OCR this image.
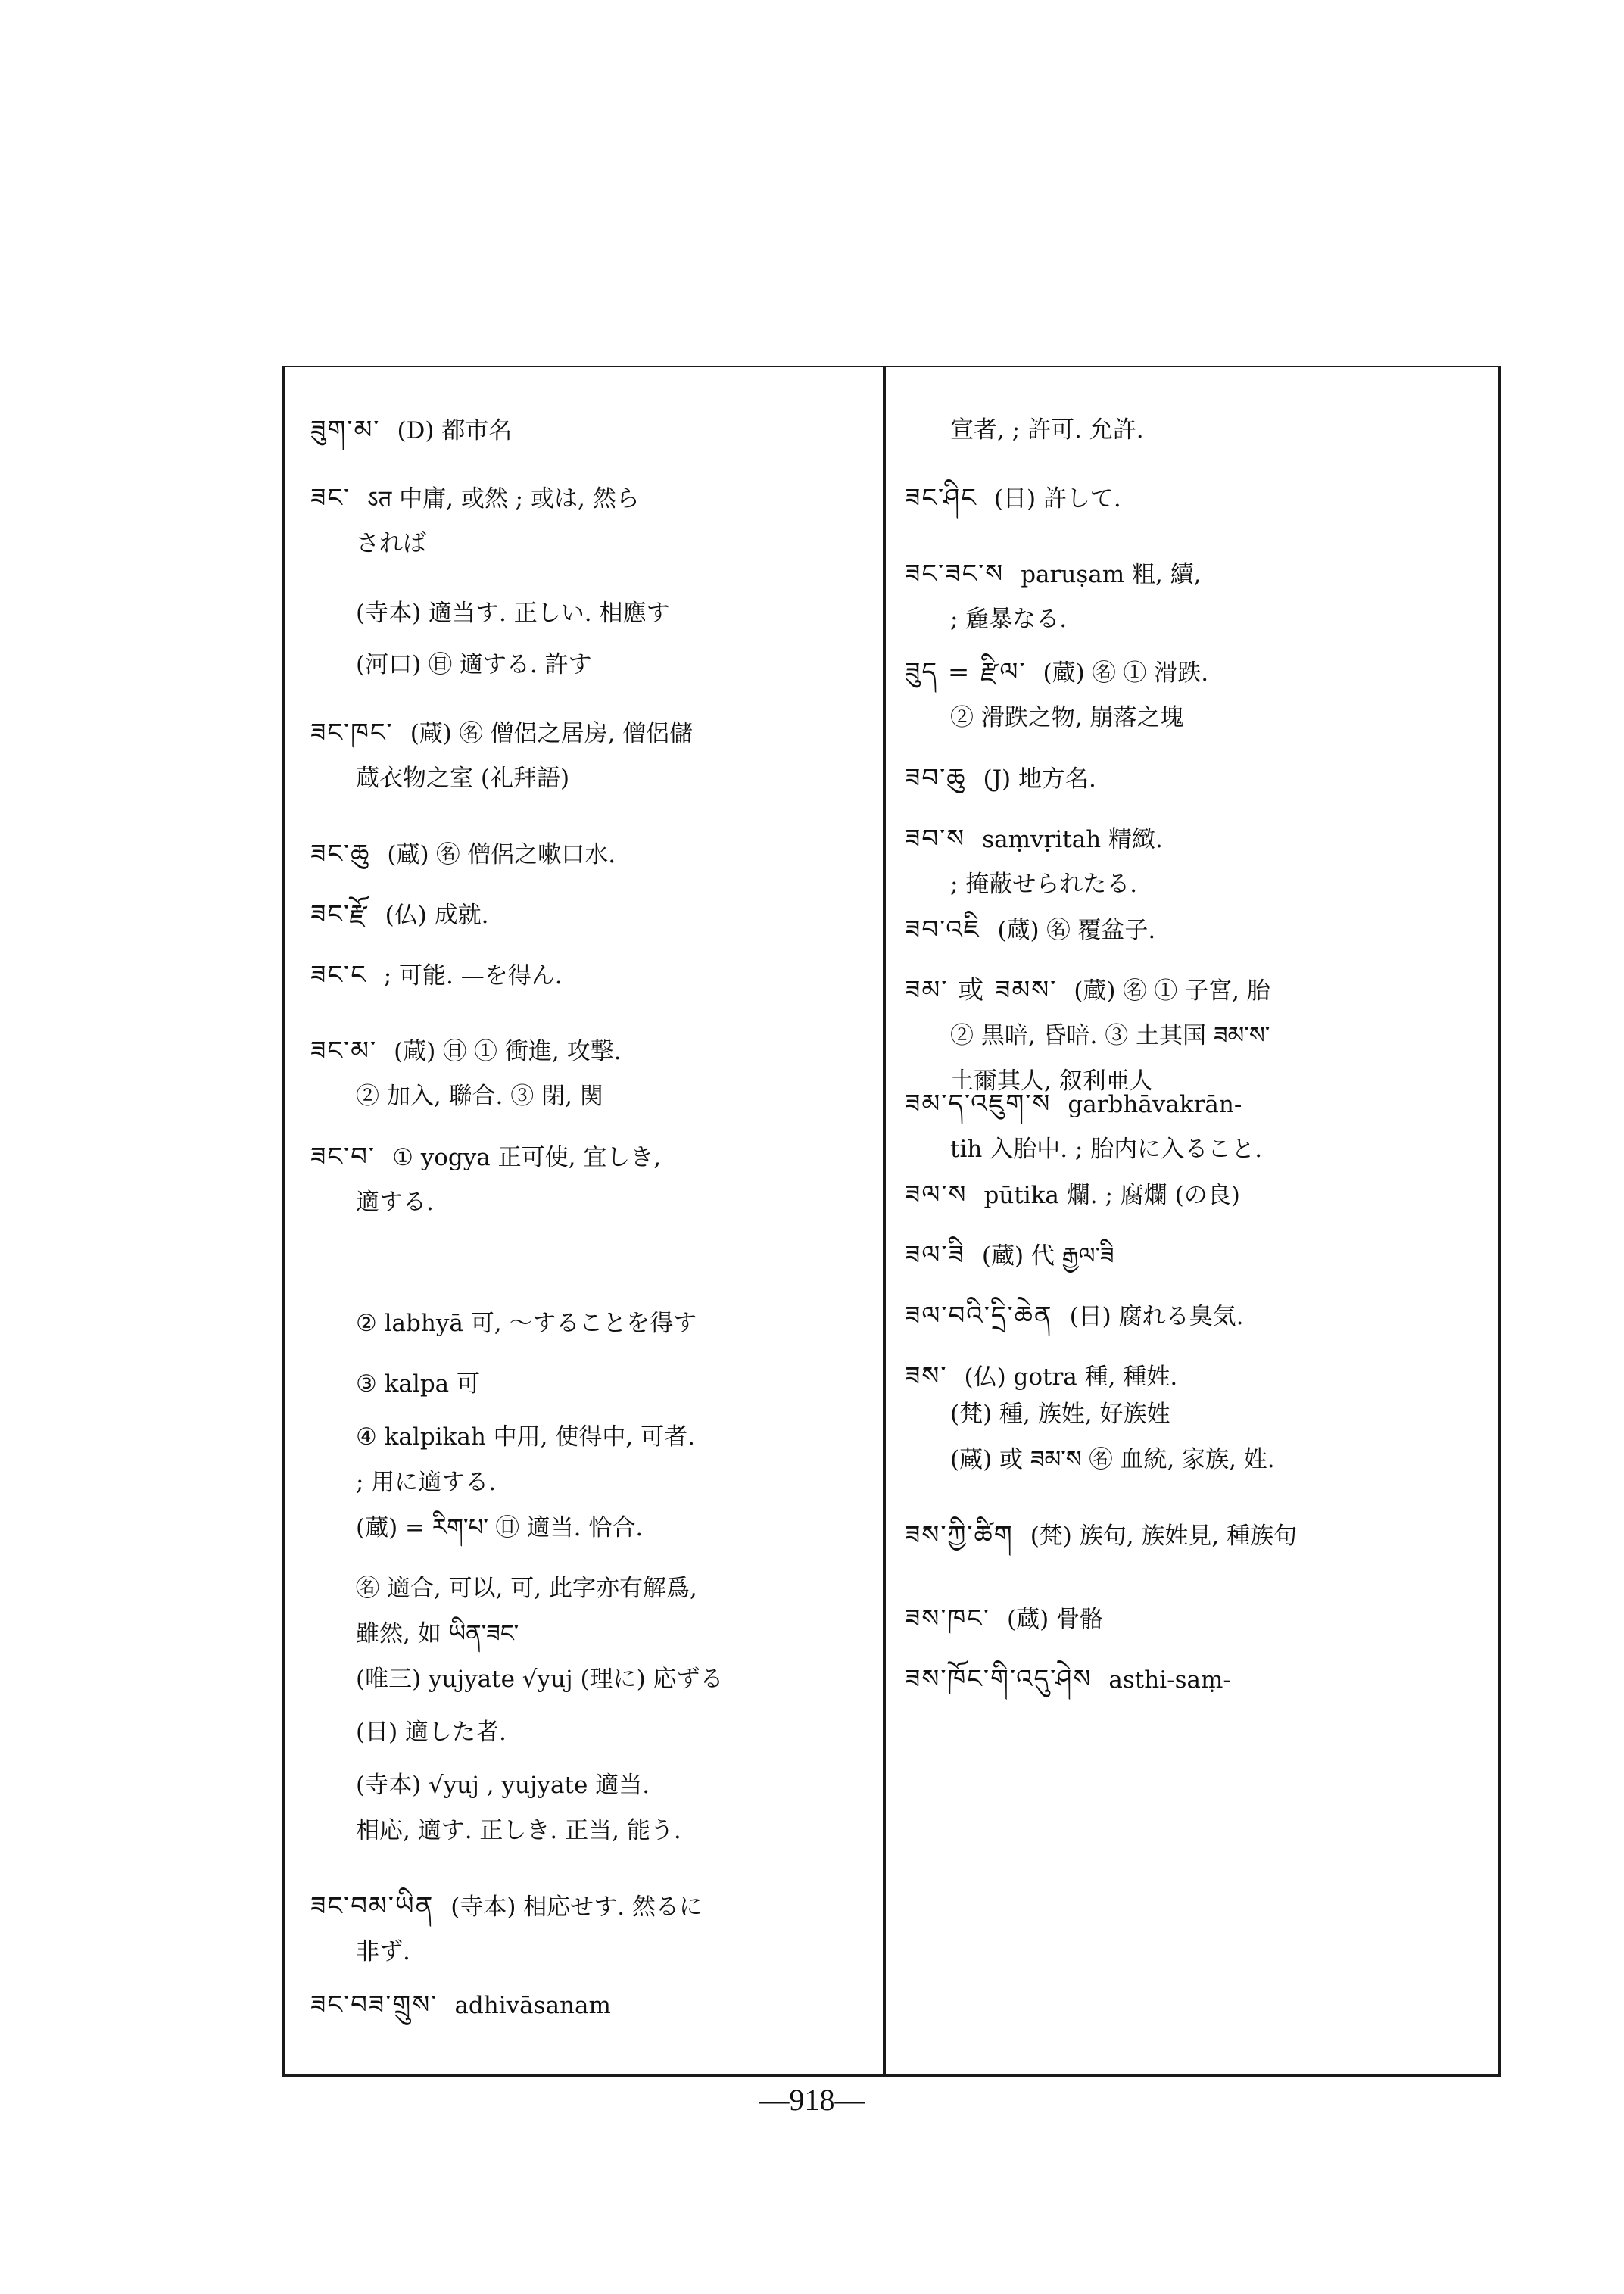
ཟུག་མ་ (D) 都市名
ཟང་ ऽत 中庸, 或然 ; 或は, 然ら
されば
(寺本) 適当す. 正しい. 相應す
(河口) ㊐ 適する. 許す
ཟང་ཁང་ (蔵) ㊔ 僧侶之居房, 僧侶儲
蔵衣物之室 (礼拜語)
ཟང་ཆུ (蔵) ㊔ 僧侶之嗽口水.
ཟང་རྫོ (仏) 成就.
ཟང་ང ; 可能. —を得ん.
ཟང་མ་ (蔵) ㊐ ① 衝進, 攻撃.
② 加入, 聯合. ③ 閉, 関
ཟང་བ་ ① yogya 正可使, 宜しき,
適する.
② labhyā 可, 〜することを得す
③ kalpa 可
④ kalpikah 中用, 使得中, 可者.
; 用に適する.
(蔵) = རིག་པ་ ㊐ 適当. 恰合.
㊔ 適合, 可以, 可, 此字亦有解爲,
雖然, 如 ཡིན་ཟང་
(唯三) yujyate √yuj (理に) 応ずる
(日) 適した者.
(寺本) √yuj , yujyate 適当.
相応, 適す. 正しき. 正当, 能う.
ཟང་བམ་ཡིན (寺本) 相応せす. 然るに
非ず.
ཟང་བཟ་གྲུས་ adhivāsanam
宣者, ; 許可. 允許.
ཟང་ཤིང (日) 許して.
ཟང་ཟང་ས paruṣam 粗, 續,
; 麁暴なる.
ཟུད = རྫིལ་ (蔵) ㊔ ① 滑跌.
② 滑跌之物, 崩落之塊
ཟབ་ཆུ (J) 地方名.
ཟབ་ས saṃvṛitah 精緻.
; 掩蔽せられたる.
ཟབ་འཇི (蔵) ㊔ 覆盆子.
ཟམ་ 或 ཟམས་ (蔵) ㊔ ① 子宮, 胎
② 黒暗, 昏暗. ③ 土其国 ཟམ་ས་
土爾其人, 叙利亜人
ཟམ་ད་འཇུག་ས garbhāvakrān-
tih 入胎中. ; 胎内に入ること.
ཟལ་ས pūtika 爛. ; 腐爛 (の良)
ཟལ་ཟི (蔵) 代 རྒྱལ་ཟི
ཟལ་བའི་དྲི་ཆེན (日) 腐れる臭気.
ཟས་ (仏) gotra 種, 種姓.
(梵) 種, 族姓, 好族姓
(蔵) 或 ཟམ་ས ㊔ 血統, 家族, 姓.
ཟས་ཀྱི་ཚིག (梵) 族句, 族姓見, 種族句
ཟས་ཁང་ (蔵) 骨骼
ཟས་ཁོང་གི་འདུ་ཤེས asthi-saṃ-
—918—
